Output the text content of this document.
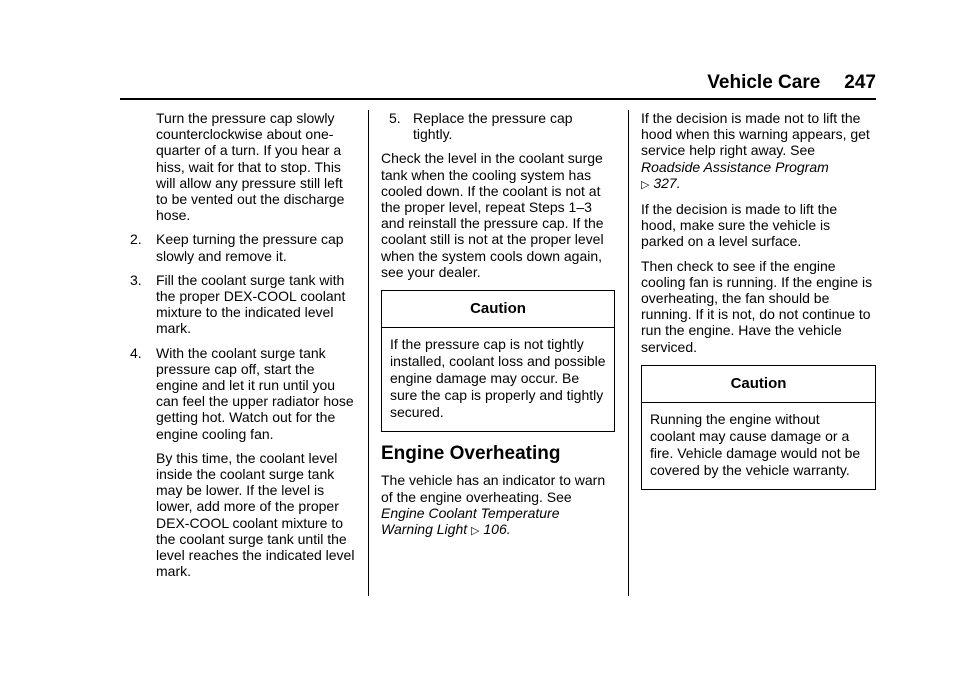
Vehicle Care 247

Turn the pressure cap slowly counterclockwise about one-quarter of a turn. If you hear a hiss, wait for that to stop. This will allow any pressure still left to be vented out the discharge hose.

2.	Keep turning the pressure cap slowly and remove it.

3.	Fill the coolant surge tank with the proper DEX-COOL coolant mixture to the indicated level mark.

4.	With the coolant surge tank pressure cap off, start the engine and let it run until you can feel the upper radiator hose getting hot. Watch out for the engine cooling fan.

By this time, the coolant level inside the coolant surge tank may be lower. If the level is lower, add more of the proper DEX-COOL coolant mixture to the coolant surge tank until the level reaches the indicated level mark.

5. Replace the pressure cap tightly.

Check the level in the coolant surge tank when the cooling system has cooled down. If the coolant is not at the proper level, repeat Steps 1–3 and reinstall the pressure cap. If the coolant still is not at the proper level when the system cools down again, see your dealer.

Caution
If the pressure cap is not tightly installed, coolant loss and possible engine damage may occur. Be sure the cap is properly and tightly secured.
Engine Overheating

The vehicle has an indicator to warn of the engine overheating. See Engine Coolant Temperature Warning Light ▷ 106.

If the decision is made not to lift the hood when this warning appears, get service help right away. See Roadside Assistance Program
▷ 327.

If the decision is made to lift the hood, make sure the vehicle is parked on a level surface.

Then check to see if the engine cooling fan is running. If the engine is overheating, the fan should be running. If it is not, do not continue to run the engine. Have the vehicle serviced.

Caution
Running the engine without coolant may cause damage or a fire. Vehicle damage would not be covered by the vehicle warranty.
